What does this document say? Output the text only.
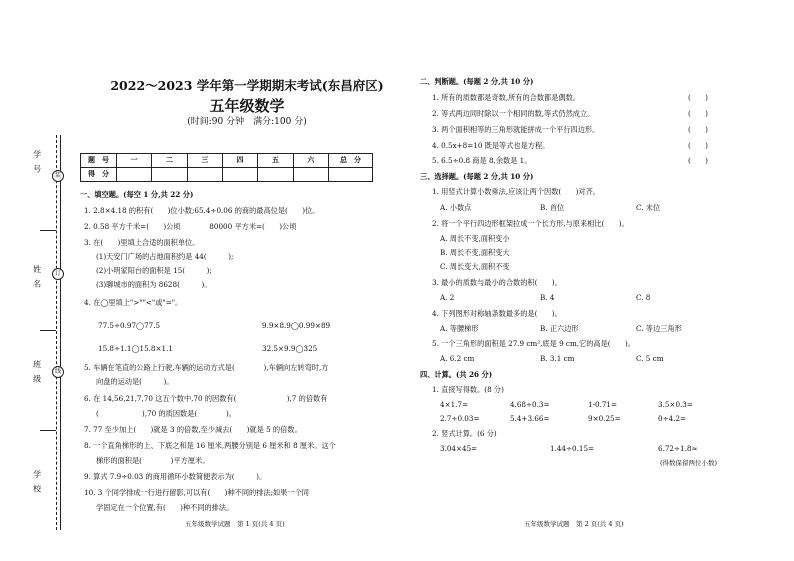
学 号
姓 名
班 级
学 校
装
订
线
2022～2023 学年第一学期期末考试(东昌府区)
五年级数学
(时间:90 分钟　满分:100 分)
题　号	一	二	三	四	五	六	总　分
得　分							
一、填空题。(每空 1 分,共 22 分)
1. 2.8×4.18 的积有(　　)位小数;65.4÷0.06 的商的最高位是(　　)位。
2. 0.58 平方千米=(　　)公顷　　　　80000 平方米=(　　)公顷
3. 在(　　)里填上合适的面积单位。
(1)天安门广场的占地面积约是 44(　　　);
(2)小明家阳台的面积是 15(　　　);
(3)聊城市的面积为 8628(　　　)。
4. 在◯里填上">""<"或"="。
77.5÷0.97◯77.5	9.9×8.9◯0.99×89
15.8÷1.1◯15.8×1.1	32.5×9.9◯325
5. 车辆在笔直的公路上行驶,车辆的运动方式是(　　　　),车辆向左转弯时,方
向盘的运动是(　　　)。
6. 在 14,56,21,7,70 这五个数中,70 的因数有(　　　　　　　),7 的倍数有
(　　　　　　),70 的质因数是(　　　　)。
7. 77 至少加上(　　)就是 3 的倍数,至少减去(　　)就是 5 的倍数。
8. 一个直角梯形的上、下底之和是 16 厘米,两腰分别是 6 厘米和 8 厘米。这个
梯形的面积是(　　　　)平方厘米。
9. 算式 7.9÷0.03 的商用循环小数简便表示为(　　　)。
10. 3 个同学排成一行进行留影,可以有(　　)种不同的排法;如果一个同
学固定在一个位置,有(　　)种不同的排法。
五年级数学试题　第 1 页(共 4 页)
二、判断题。(每题 2 分,共 10 分)
1. 所有的质数都是奇数,所有的合数都是偶数。	(　　)
2. 等式两边同时除以一个相同的数,等式仍然成立。	(　　)
3. 两个面积相等的三角形就能拼成一个平行四边形。	(　　)
4. 0.5x+8=10 既是等式也是方程。	(　　)
5. 6.5÷0.8 商是 8,余数是 1。	(　　)
三、选择题。(每题 2 分,共 10 分)
1. 用竖式计算小数乘法,应该让两个因数(　　)对齐。
A. 小数点	B. 首位	C. 末位
2. 将一个平行四边形框架拉成一个长方形,与原来相比(　　)。
A. 周长不变,面积变小
B. 周长不变,面积变大
C. 周长变大,面积不变
3. 最小的质数与最小的合数的积(　　)。
A. 2	B. 4	C. 8
4. 下列图形对称轴条数最多的是(　　)。
A. 等腰梯形	B. 正六边形	C. 等边三角形
5. 一个三角形的面积是 27.9 cm²,底是 9 cm,它的高是(　　)。
A. 6.2 cm	B. 3.1 cm	C. 5 cm
四、计算。(共 26 分)
1. 直接写得数。(8 分)
4×1.7=	4.68÷0.3=	1-0.71=	3.5×0.3=
2.7÷0.03=	5.4+3.66=	9×0.25=	0÷4.2=
2. 竖式计算。(6 分)
3.04×45=	1.44÷0.15=	6.72÷1.8≈
(得数保留两位小数)
五年级数学试题　第 2 页(共 4 页)
